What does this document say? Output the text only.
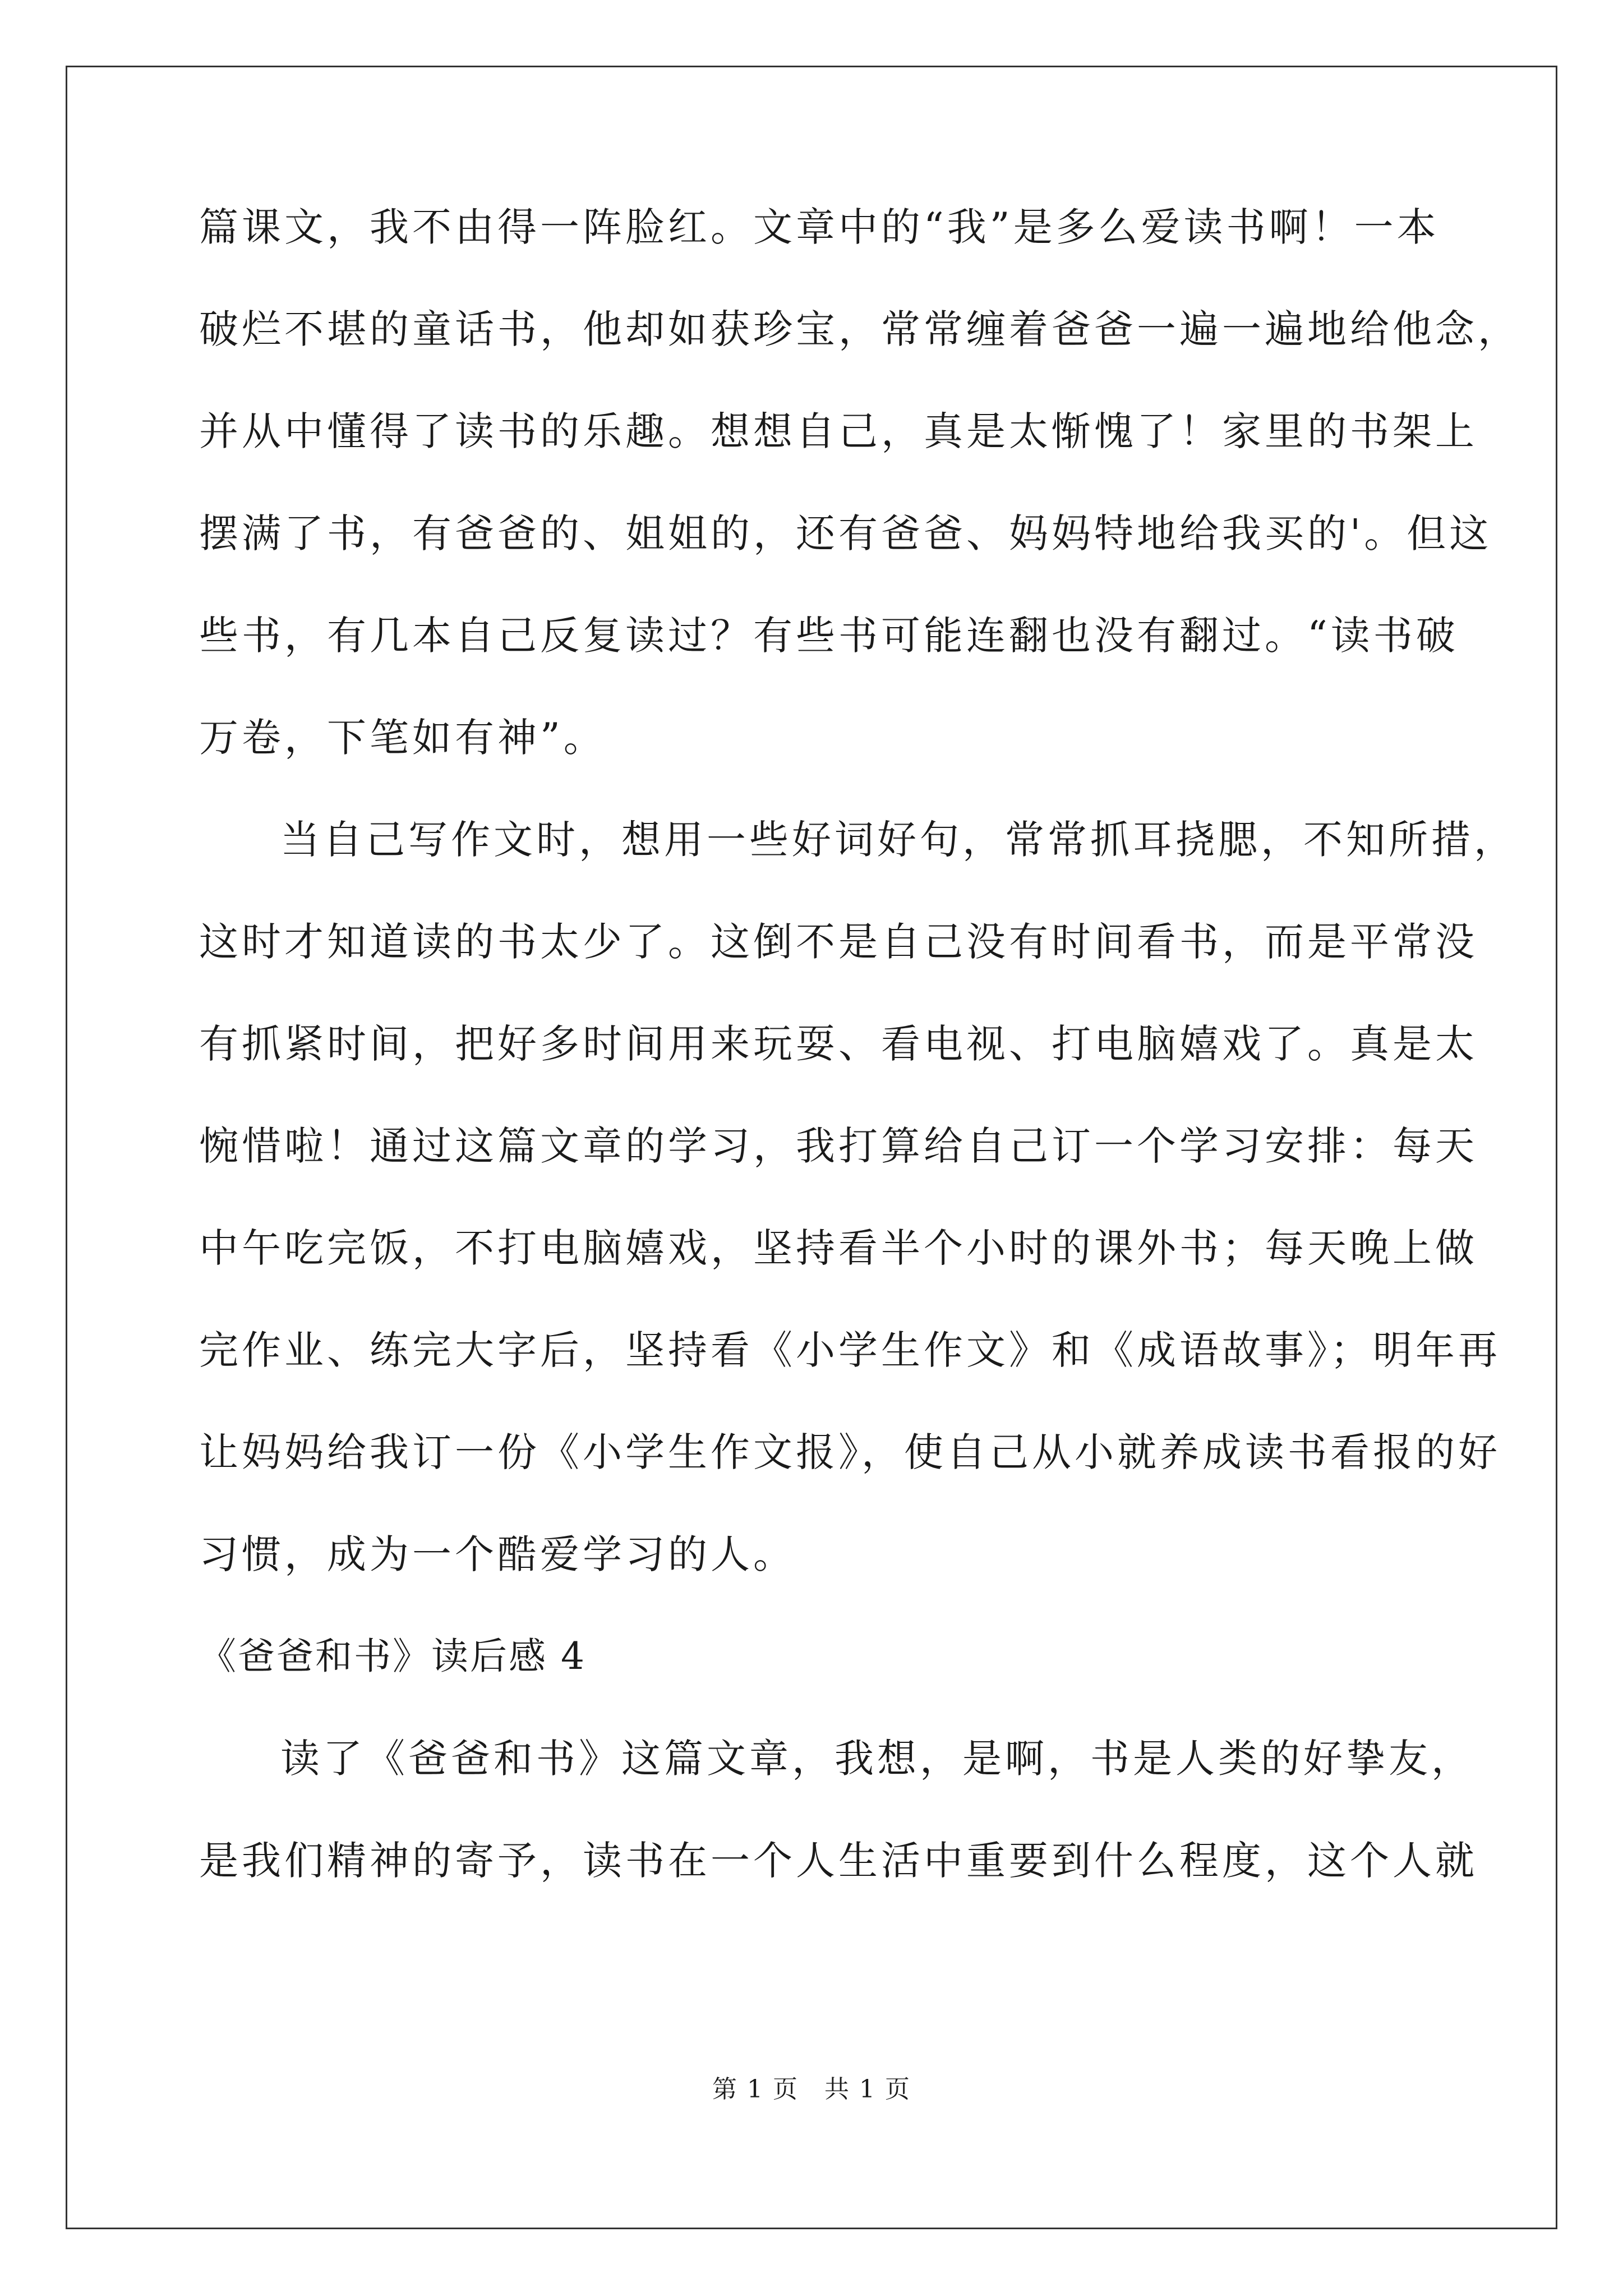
篇课文，我不由得一阵脸红。文章中的“我”是多么爱读书啊！一本
破烂不堪的童话书，他却如获珍宝，常常缠着爸爸一遍一遍地给他念，
并从中懂得了读书的乐趣。想想自己，真是太惭愧了！家里的书架上
摆满了书，有爸爸的、姐姐的，还有爸爸、妈妈特地给我买的'。但这
些书，有几本自己反复读过？有些书可能连翻也没有翻过。“读书破
万卷，下笔如有神”。
当自己写作文时，想用一些好词好句，常常抓耳挠腮，不知所措，
这时才知道读的书太少了。这倒不是自己没有时间看书，而是平常没
有抓紧时间，把好多时间用来玩耍、看电视、打电脑嬉戏了。真是太
惋惜啦！通过这篇文章的学习，我打算给自己订一个学习安排：每天
中午吃完饭，不打电脑嬉戏，坚持看半个小时的课外书；每天晚上做
完作业、练完大字后，坚持看《小学生作文》和《成语故事》；明年再
让妈妈给我订一份《小学生作文报》，使自己从小就养成读书看报的好
习惯，成为一个酷爱学习的人。
《爸爸和书》读后感 4
读了《爸爸和书》这篇文章，我想，是啊，书是人类的好挚友，
是我们精神的寄予，读书在一个人生活中重要到什么程度，这个人就
第 1 页　共 1 页
